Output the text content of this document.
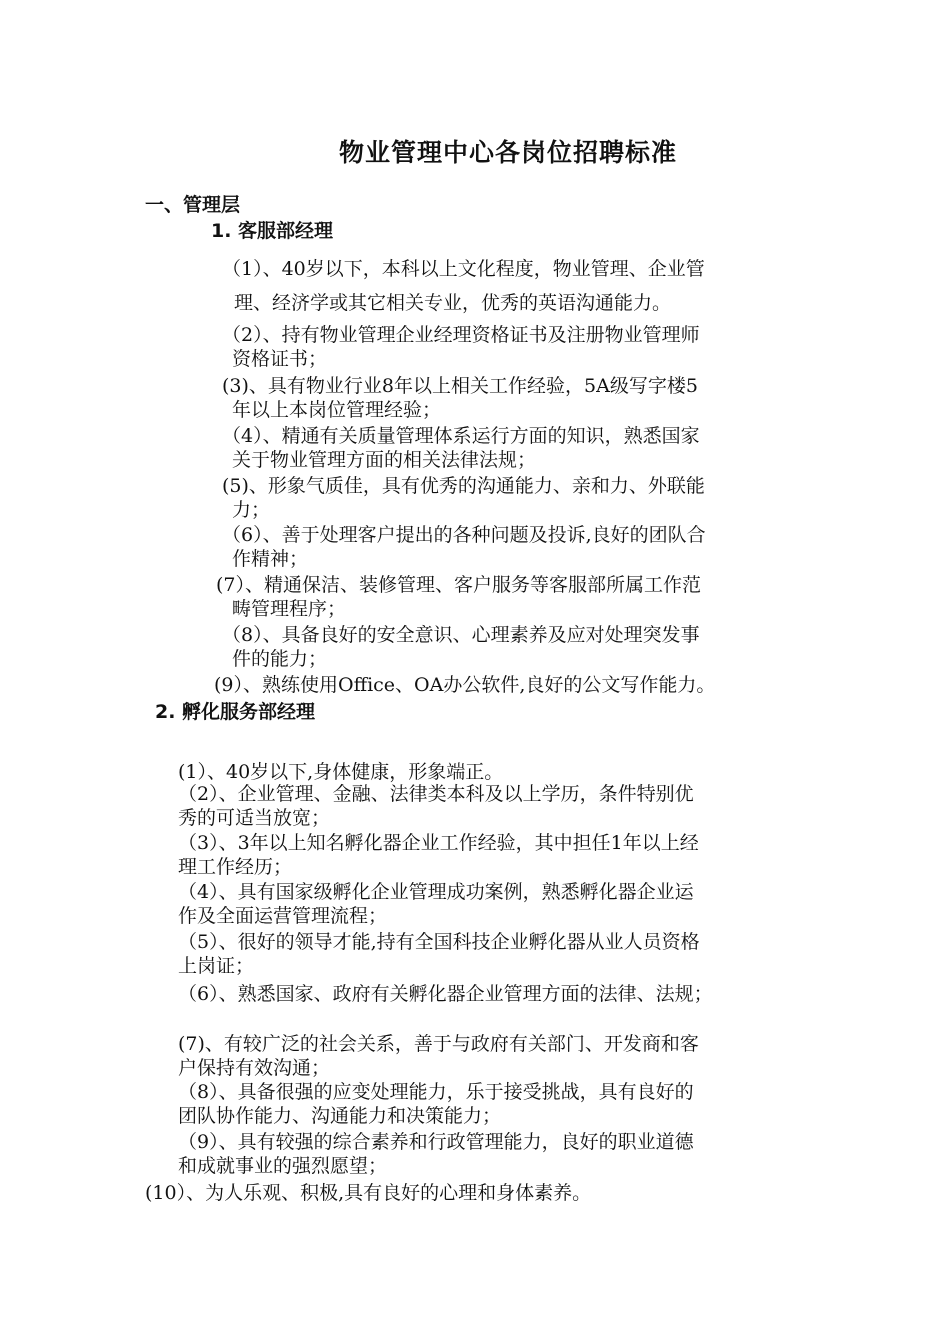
物业管理中心各岗位招聘标准
一、管理层
1. 客服部经理
（1）、40岁以下，本科以上文化程度，物业管理、企业管
理、经济学或其它相关专业，优秀的英语沟通能力。
（2）、持有物业管理企业经理资格证书及注册物业管理师
资格证书；
(3)、具有物业行业8年以上相关工作经验，5A级写字楼5
年以上本岗位管理经验；
（4）、精通有关质量管理体系运行方面的知识，熟悉国家
关于物业管理方面的相关法律法规；
(5)、形象气质佳，具有优秀的沟通能力、亲和力、外联能
力；
（6）、善于处理客户提出的各种问题及投诉,良好的团队合
作精神；
(7）、精通保洁、装修管理、客户服务等客服部所属工作范
畴管理程序；
（8）、具备良好的安全意识、心理素养及应对处理突发事
件的能力；
(9）、熟练使用Office、OA办公软件,良好的公文写作能力。
2. 孵化服务部经理
(1）、40岁以下,身体健康，形象端正。
（2）、企业管理、金融、法律类本科及以上学历，条件特别优
秀的可适当放宽；
（3）、3年以上知名孵化器企业工作经验，其中担任1年以上经
理工作经历；
（4）、具有国家级孵化企业管理成功案例，熟悉孵化器企业运
作及全面运营管理流程；
（5）、很好的领导才能,持有全国科技企业孵化器从业人员资格
上岗证；
（6）、熟悉国家、政府有关孵化器企业管理方面的法律、法规；
(7)、有较广泛的社会关系，善于与政府有关部门、开发商和客
户保持有效沟通；
（8）、具备很强的应变处理能力，乐于接受挑战，具有良好的
团队协作能力、沟通能力和决策能力；
（9）、具有较强的综合素养和行政管理能力，良好的职业道德
和成就事业的强烈愿望；
(10）、为人乐观、积极,具有良好的心理和身体素养。
